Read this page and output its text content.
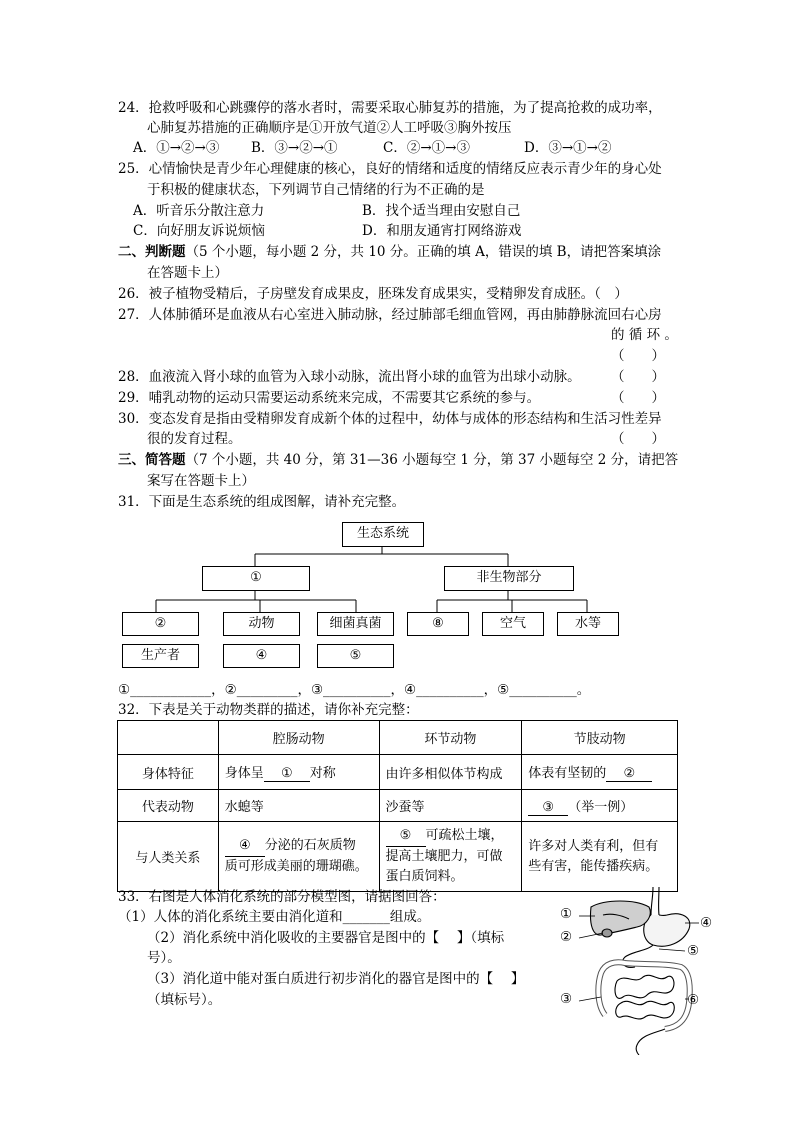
24．抢救呼吸和心跳骤停的落水者时，需要采取心肺复苏的措施，为了提高抢救的成功率，
心肺复苏措施的正确顺序是①开放气道②人工呼吸③胸外按压
A．①→②→③ B．③→②→①	C．②→①→③	D．③→①→②
25．心情愉快是青少年心理健康的核心，良好的情绪和适度的情绪反应表示青少年的身心处
于积极的健康状态，下列调节自己情绪的行为不正确的是
A．听音乐分散注意力	B．找个适当理由安慰自己
C．向好朋友诉说烦恼	D．和朋友通宵打网络游戏
二、判断题（5 个小题，每小题 2 分，共 10 分。正确的填 A，错误的填 B，请把答案填涂
在答题卡上）
26．被子植物受精后，子房壁发育成果皮，胚珠发育成果实，受精卵发育成胚。（　）
27．人体肺循环是血液从右心室进入肺动脉，经过肺部毛细血管网，再由肺静脉流回右心房
的 循 环 。
（　　）
28．血液流入肾小球的血管为入球小动脉，流出肾小球的血管为出球小动脉。 （　　）
29．哺乳动物的运动只需要运动系统来完成，不需要其它系统的参与。	（　　）
30．变态发育是指由受精卵发育成新个体的过程中，幼体与成体的形态结构和生活习性差异
很的发育过程。	（　　）
三、简答题（7 个小题，共 40 分，第 31—36 小题每空 1 分，第 37 小题每空 2 分，请把答
案写在答题卡上）
31．下面是生态系统的组成图解，请补充完整。
生态系统
①	非生物部分
②	动物	细菌真菌
生产者	④	⑤
⑧	空气	水等
①____________，②_________，③__________，④__________，⑤__________。
32．下表是关于动物类群的描述，请你补充完整：
	腔肠动物	环节动物	节肢动物
身体特征	身体呈 ① 对称	由许多相似体节构成	体表有坚韧的 ②
代表动物	水螅等	沙蚕等	③ （举一例）
与人类关系	④ 分泌的石灰质物
质可形成美丽的珊瑚礁。	⑤ 可疏松土壤，
提高土壤肥力，可做
蛋白质饲料。	许多对人类有利，但有
些有害，能传播疾病。
33．右图是人体消化系统的部分模型图，请据图回答：
（1）人体的消化系统主要由消化道和_______组成。
（2）消化系统中消化吸收的主要器官是图中的【　 】（填标
号）。
（3）消化道中能对蛋白质进行初步消化的器官是图中的【　 】
（填标号）。
①
②
③
④
⑤
⑥
